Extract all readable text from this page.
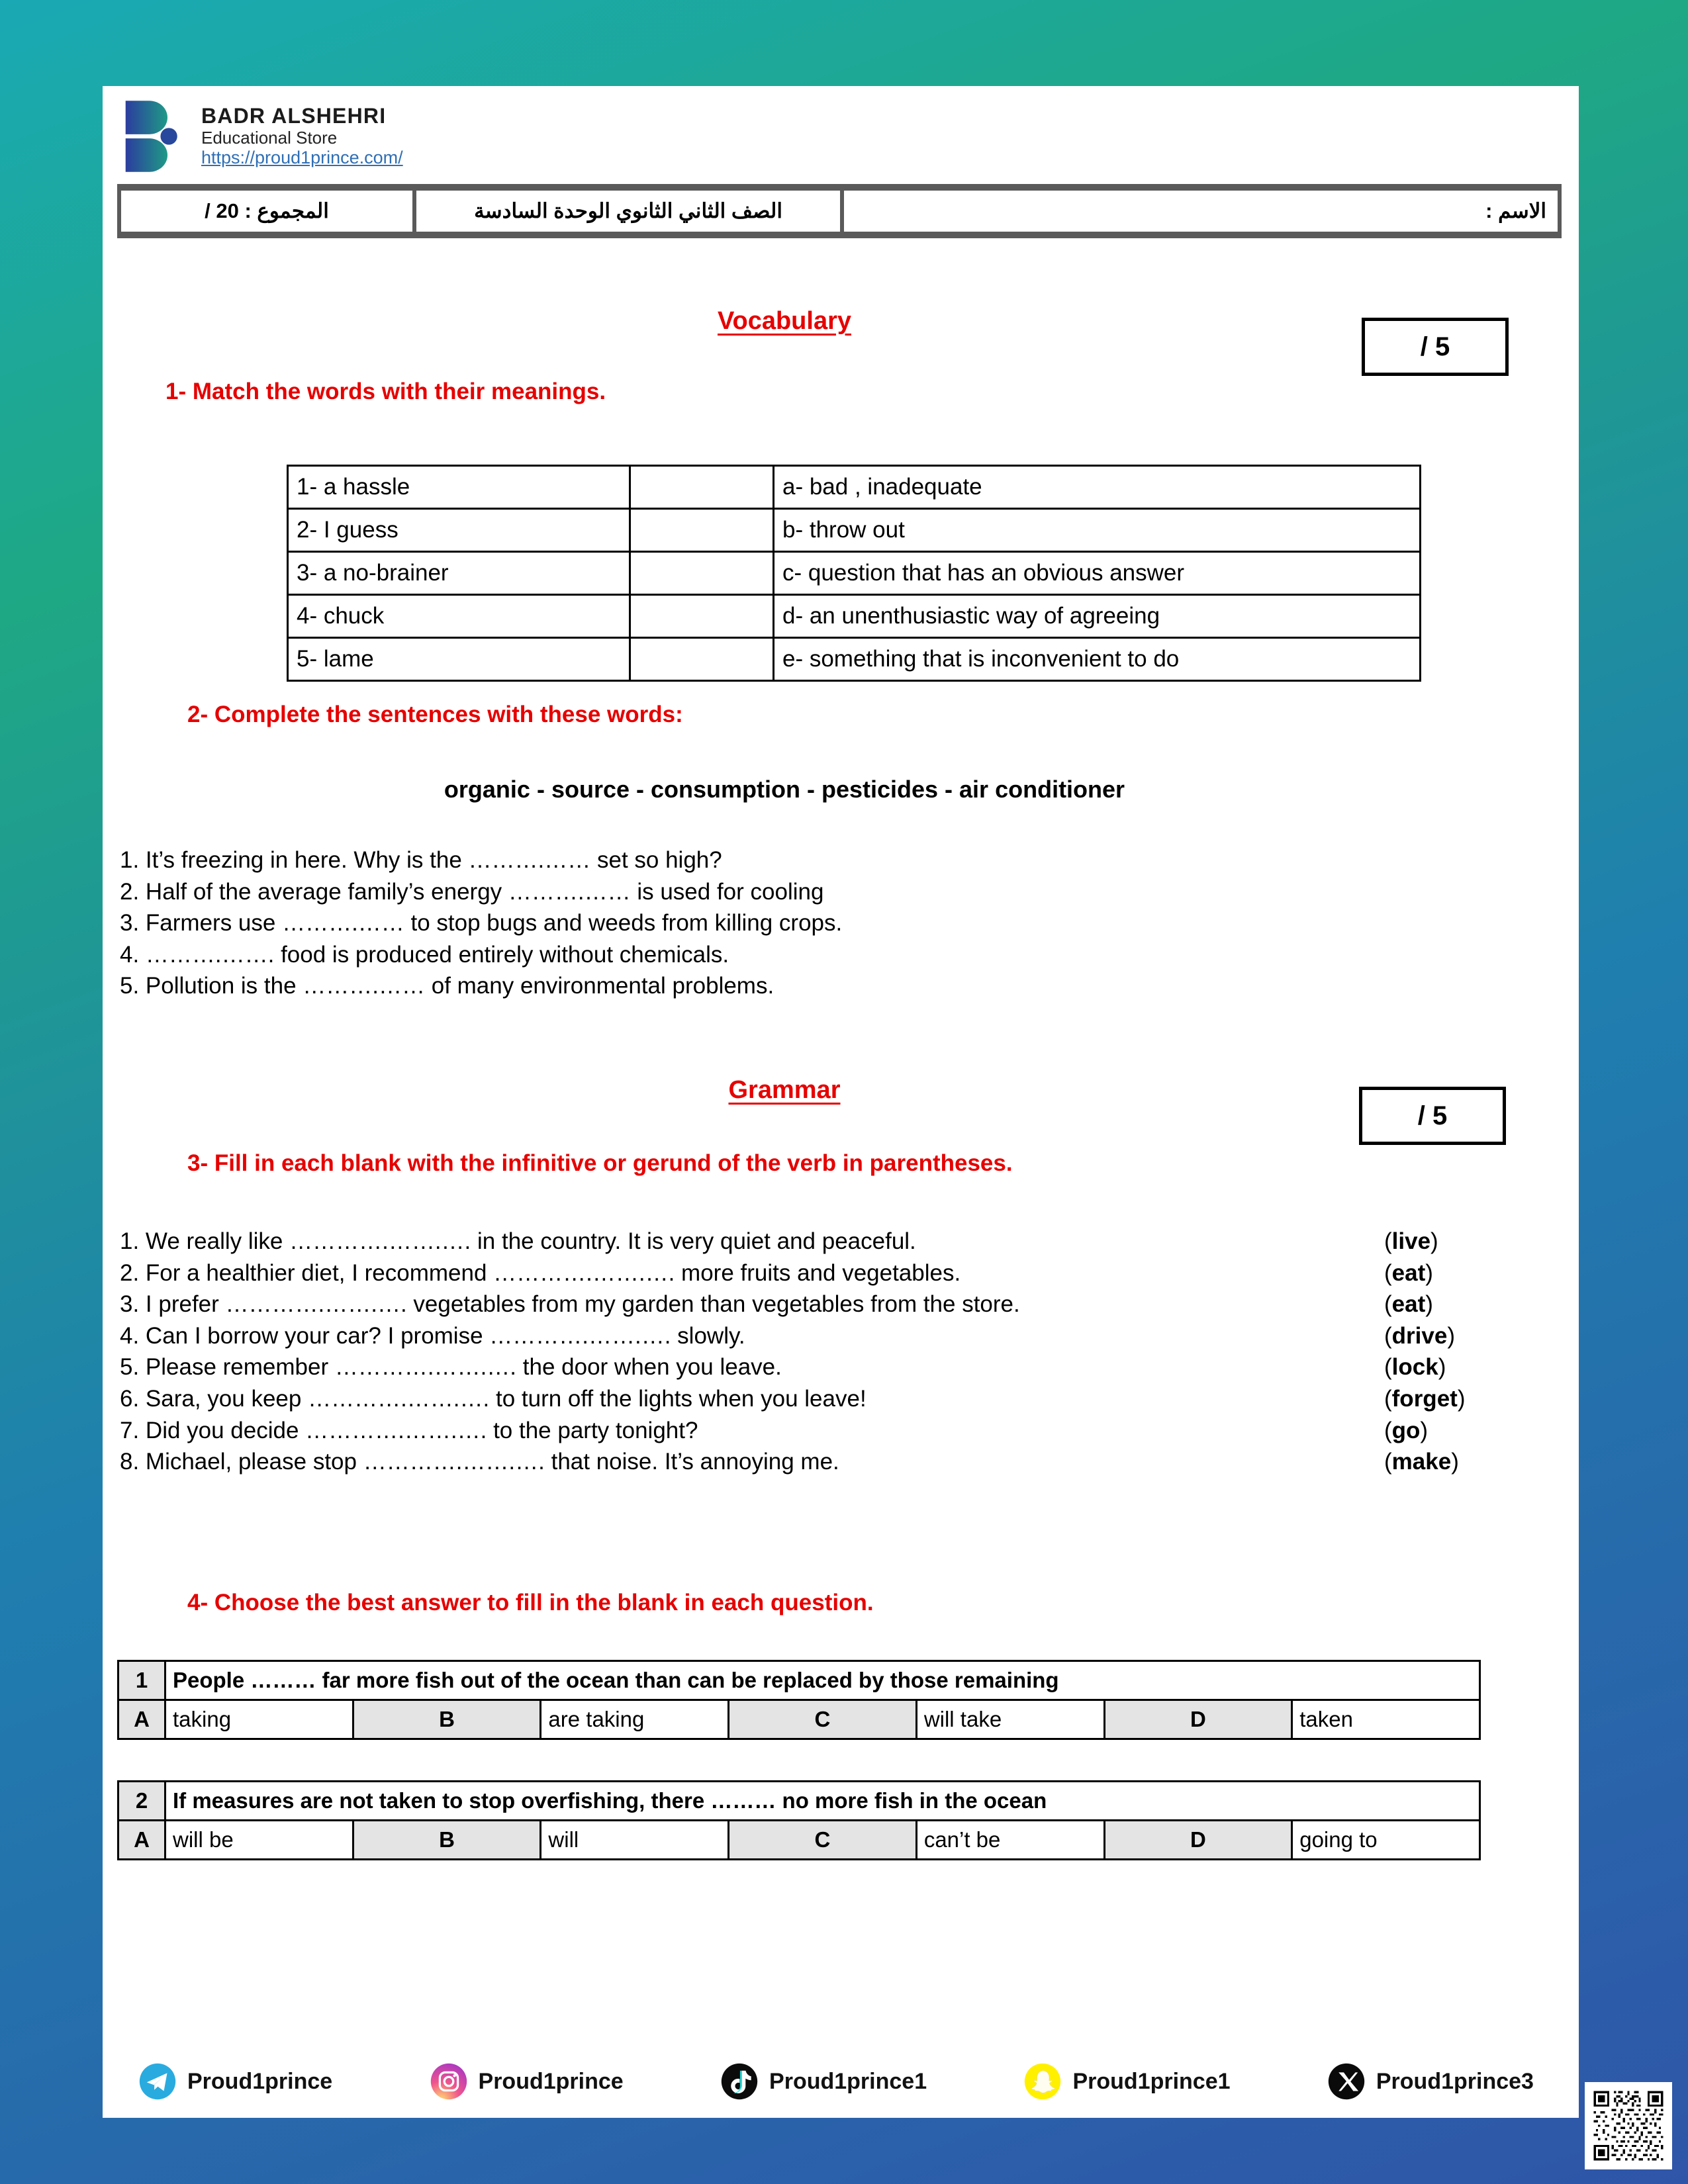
BADR ALSHEHRI
Educational Store
https://proud1prince.com/
الاسم :
الصف الثاني الثانوي الوحدة السادسة
المجموع : 20 /
/ 5
Vocabulary
1- Match the words with their meanings.
1- a hassle		a- bad , inadequate
2- I guess		b- throw out
3- a no-brainer		c- question that has an obvious answer
4- chuck		d- an unenthusiastic way of agreeing
5- lame		e- something that is inconvenient to do
2- Complete the sentences with these words:
organic - source - consumption - pesticides - air conditioner
1. It’s freezing in here. Why is the ……….…… set so high?
2. Half of the average family’s energy ……….…… is used for cooling
3. Farmers use ……….…… to stop bugs and weeds from killing crops.
4. ……….……. food is produced entirely without chemicals.
5. Pollution is the ……….…… of many environmental problems.
/ 5
Grammar
3- Fill in each blank with the infinitive or gerund of the verb in parentheses.
1. We really like ………….…….…. in the country. It is very quiet and peaceful.	(live)
2. For a healthier diet, I recommend ………….…….…. more fruits and vegetables.	(eat)
3. I prefer ………….…….…. vegetables from my garden than vegetables from the store.	(eat)
4. Can I borrow your car? I promise ………….…….…. slowly.	(drive)
5. Please remember ………….…….…. the door when you leave.	(lock)
6. Sara, you keep ………….…….…. to turn off the lights when you leave!	(forget)
7. Did you decide ………….…….…. to the party tonight?	(go)
8. Michael, please stop ………….…….…. that noise. It’s annoying me.	(make)
4- Choose the best answer to fill in the blank in each question.
1	People ……… far more fish out of the ocean than can be replaced by those remaining						
A	taking	B	are taking	C	will take	D	taken
2	If measures are not taken to stop overfishing, there ……… no more fish in the ocean						
A	will be	B	will	C	can’t be	D	going to
Proud1prince	Proud1prince	Proud1prince1	Proud1prince1	Proud1prince3
